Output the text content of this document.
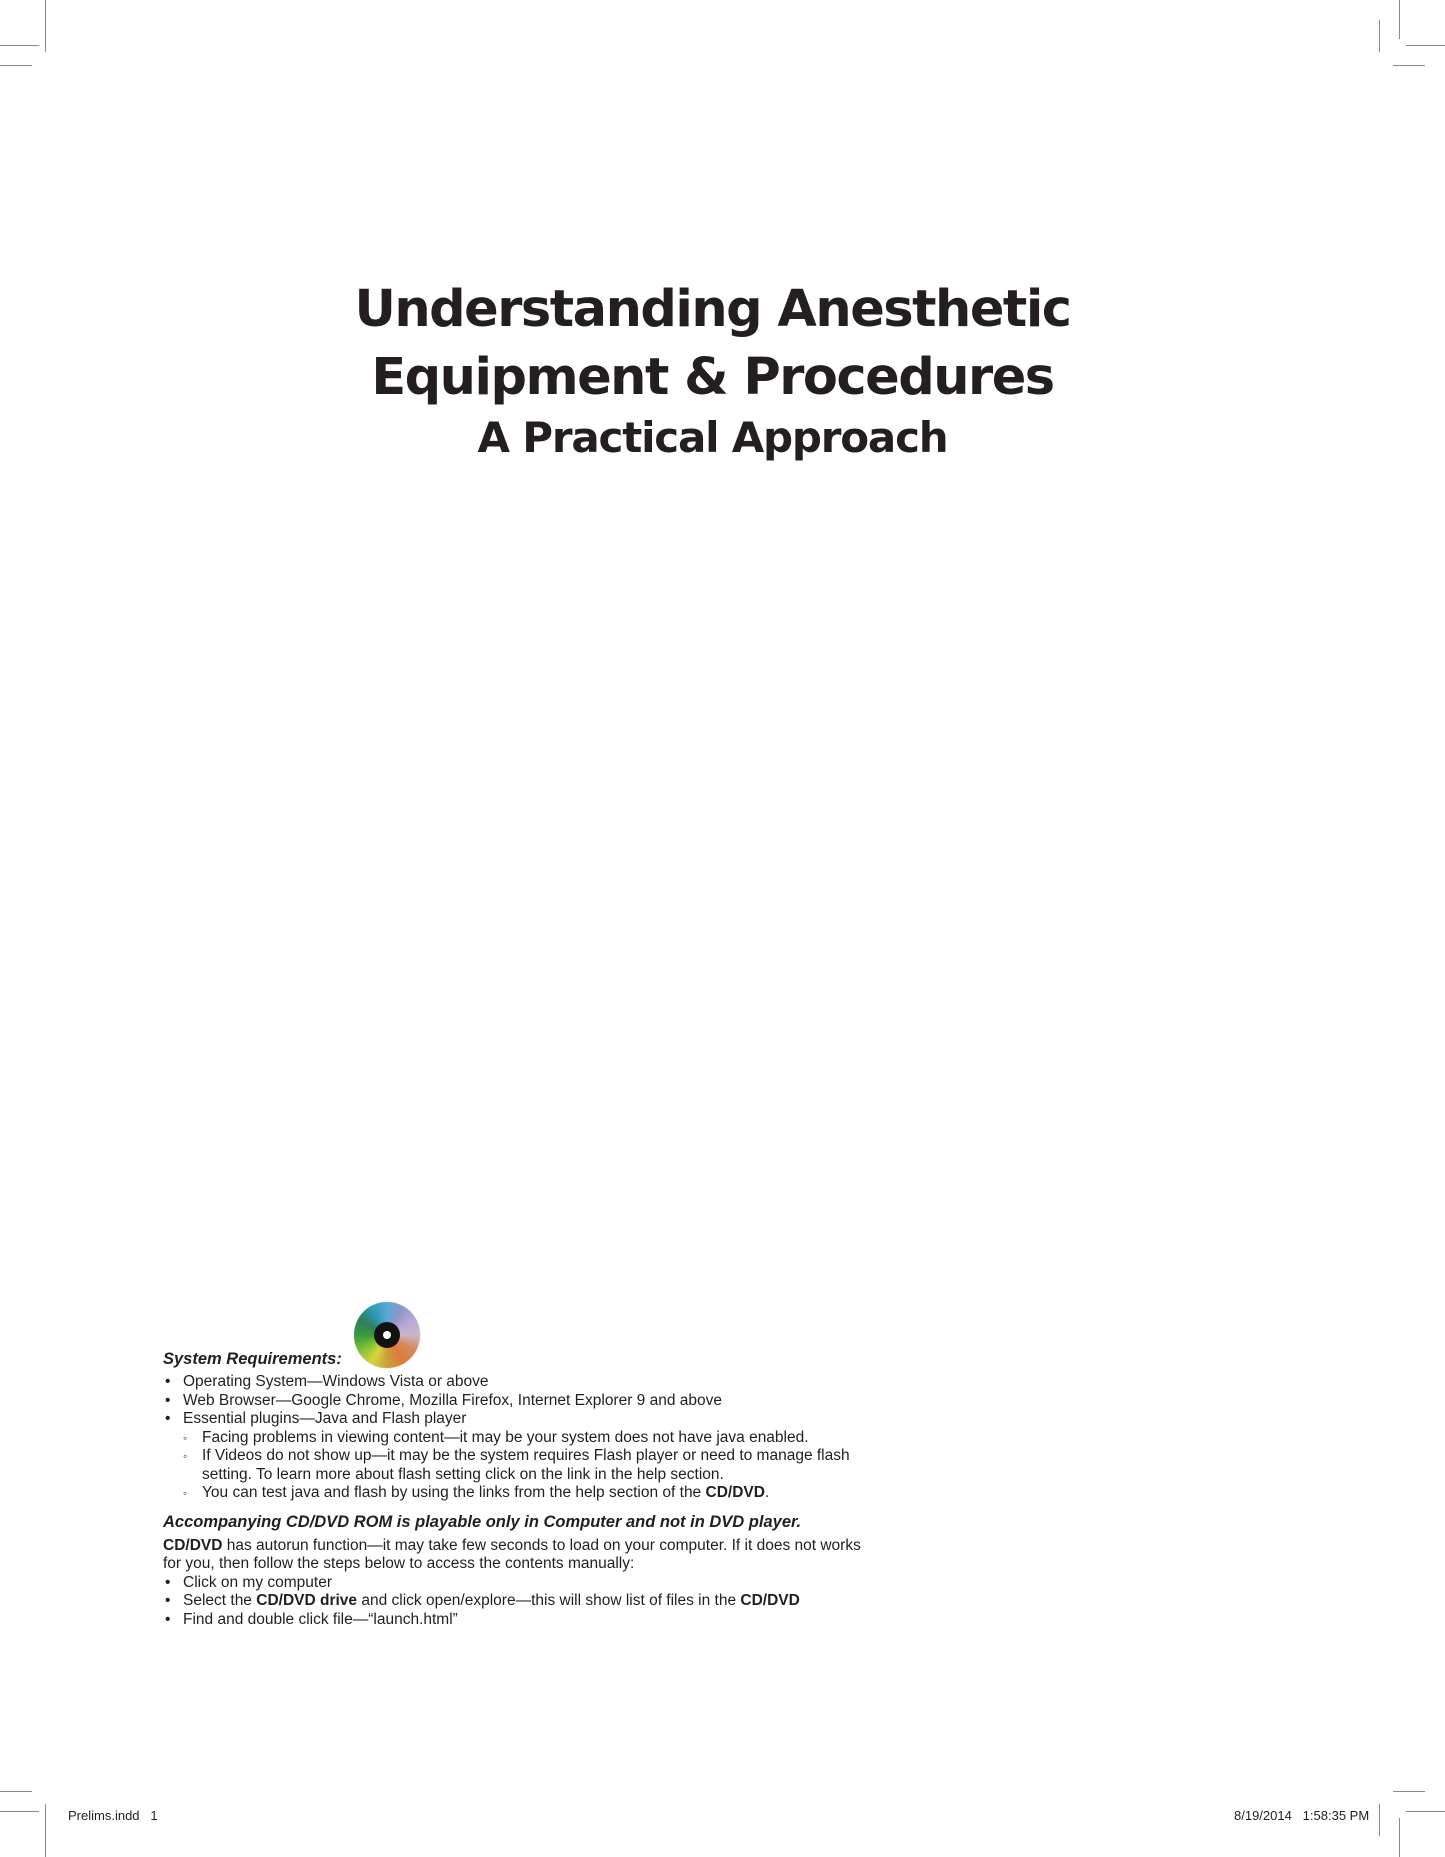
Understanding Anesthetic
Equipment & Procedures
A Practical Approach
System Requirements:
• Operating System—Windows Vista or above
• Web Browser—Google Chrome, Mozilla Firefox, Internet Explorer 9 and above
• Essential plugins—Java and Flash player
◦ Facing problems in viewing content—it may be your system does not have java enabled.
◦ If Videos do not show up—it may be the system requires Flash player or need to manage flash setting. To learn more about flash setting click on the link in the help section.
◦ You can test java and flash by using the links from the help section of the CD/DVD.
Accompanying CD/DVD ROM is playable only in Computer and not in DVD player.
CD/DVD has autorun function—it may take few seconds to load on your computer. If it does not works for you, then follow the steps below to access the contents manually:
• Click on my computer
• Select the CD/DVD drive and click open/explore—this will show list of files in the CD/DVD
• Find and double click file—“launch.html”
Prelims.indd   1	8/19/2014   1:58:35 PM
